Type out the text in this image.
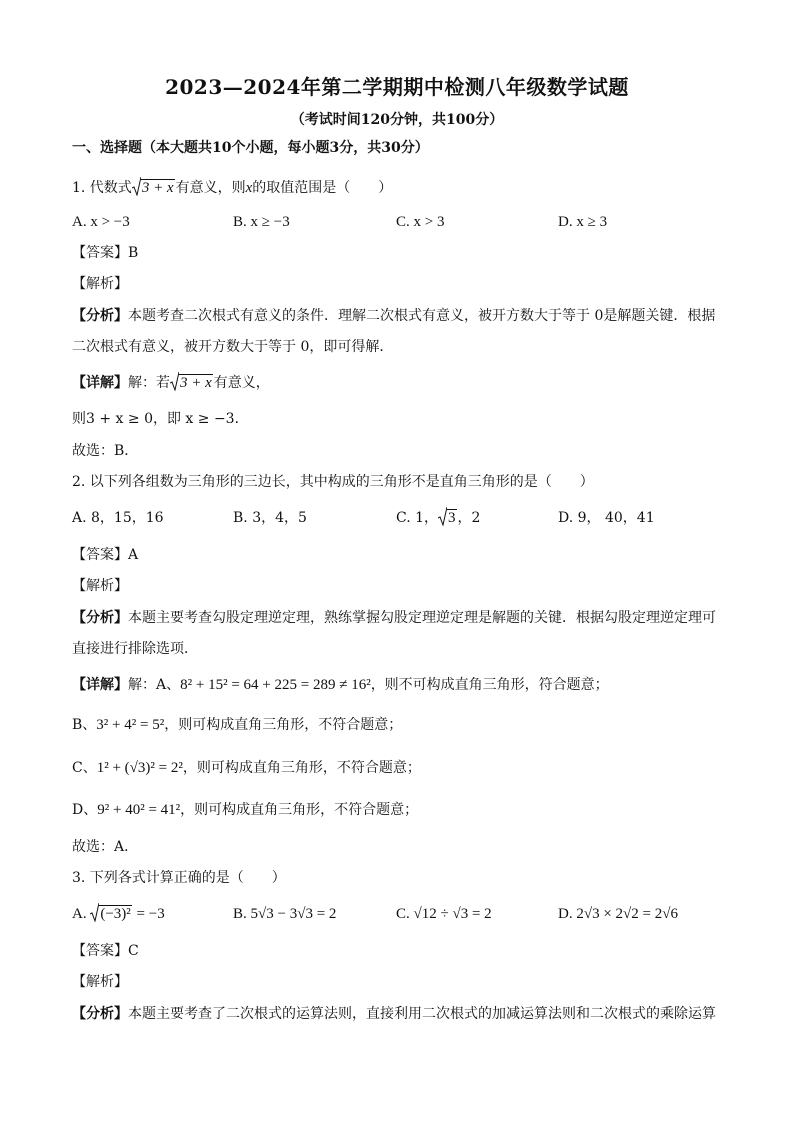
2023—2024年第二学期期中检测八年级数学试题
（考试时间120分钟，共100分）
一、选择题（本大题共10个小题，每小题3分，共30分）
1. 代数式 3 + x 有意义，则x的取值范围是（　　）
A. x > −3	B. x ≥ −3	C. x > 3	D. x ≥ 3
【答案】B
【解析】
【分析】本题考查二次根式有意义的条件．理解二次根式有意义，被开方数大于等于 0是解题关键．根据
二次根式有意义，被开方数大于等于 0，即可得解．
【详解】解：若 3 + x 有意义，
则3 + x ≥ 0，即 x ≥ −3．
故选：B．
2. 以下列各组数为三角形的三边长，其中构成的三角形不是直角三角形的是（　　）
A. 8，15，16	B. 3，4，5	C. 1， 3 ，2	D. 9， 40，41
【答案】A
【解析】
【分析】本题主要考查勾股定理逆定理，熟练掌握勾股定理逆定理是解题的关键．根据勾股定理逆定理可
直接进行排除选项．
【详解】解：A、8² + 15² = 64 + 225 = 289 ≠ 16²，则不可构成直角三角形，符合题意；
B、3² + 4² = 5²，则可构成直角三角形，不符合题意；
C、1² + (√3)² = 2²，则可构成直角三角形，不符合题意；
D、9² + 40² = 41²，则可构成直角三角形，不符合题意；
故选：A．
3. 下列各式计算正确的是（　　）
A. (−3)² = −3	B. 5√3 − 3√3 = 2	C. √12 ÷ √3 = 2	D. 2√3 × 2√2 = 2√6
【答案】C
【解析】
【分析】本题主要考查了二次根式的运算法则，直接利用二次根式的加减运算法则和二次根式的乘除运算
